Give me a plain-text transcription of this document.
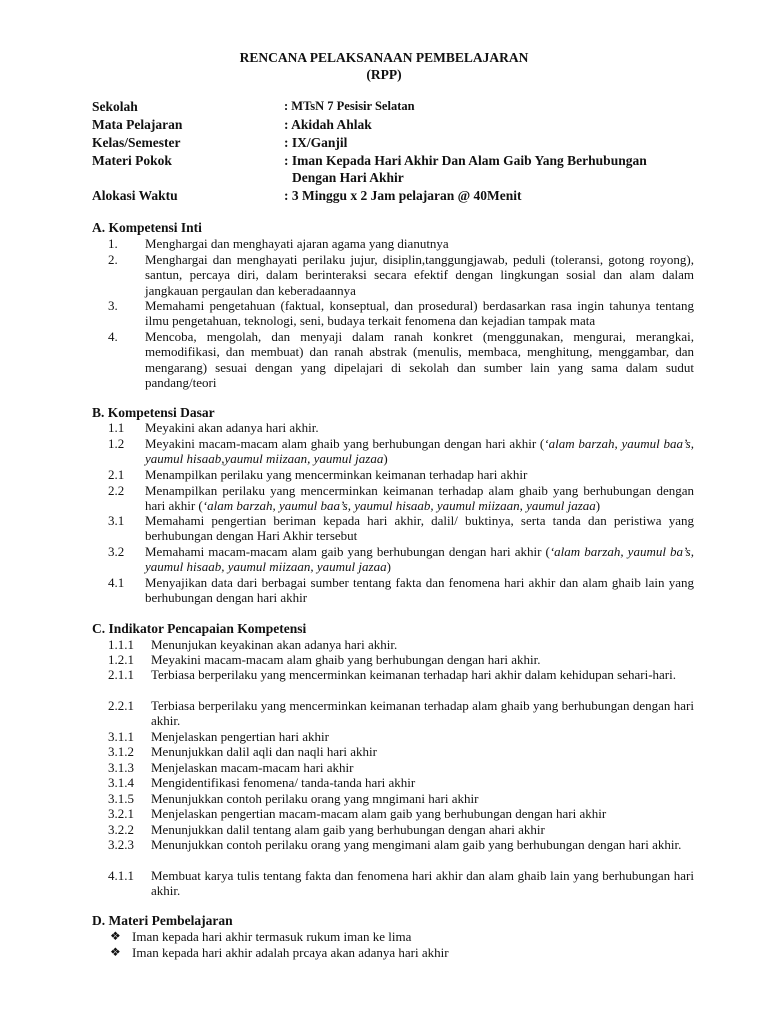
RENCANA PELAKSANAAN PEMBELAJARAN
(RPP)
Sekolah	: MTsN 7 Pesisir Selatan
Mata Pelajaran	: Akidah Ahlak
Kelas/Semester	: IX/Ganjil
Materi Pokok	: Iman Kepada Hari Akhir Dan Alam Gaib Yang Berhubungan
Dengan Hari Akhir
Alokasi Waktu	: 3 Minggu x 2 Jam pelajaran @ 40Menit
A. Kompetensi Inti
1. Menghargai dan menghayati ajaran agama yang dianutnya
2. Menghargai dan menghayati perilaku jujur, disiplin,tanggungjawab, peduli (toleransi, gotong royong), santun, percaya diri, dalam berinteraksi secara efektif dengan lingkungan sosial dan alam dalam jangkauan pergaulan dan keberadaannya
3. Memahami pengetahuan (faktual, konseptual, dan prosedural) berdasarkan rasa ingin tahunya tentang ilmu pengetahuan, teknologi, seni, budaya terkait fenomena dan kejadian tampak mata
4. Mencoba, mengolah, dan menyaji dalam ranah konkret (menggunakan, mengurai, merangkai, memodifikasi, dan membuat) dan ranah abstrak (menulis, membaca, menghitung, menggambar, dan mengarang) sesuai dengan yang dipelajari di sekolah dan sumber lain yang sama dalam sudut pandang/teori
B. Kompetensi Dasar
1.1 Meyakini akan adanya hari akhir.
1.2 Meyakini macam-macam alam ghaib yang berhubungan dengan hari akhir (‘alam barzah, yaumul baa’s, yaumul hisaab,yaumul miizaan, yaumul jazaa)
2.1 Menampilkan perilaku yang mencerminkan keimanan terhadap hari akhir
2.2 Menampilkan perilaku yang mencerminkan keimanan terhadap alam ghaib yang berhubungan dengan hari akhir (‘alam barzah, yaumul baa’s, yaumul hisaab, yaumul miizaan, yaumul jazaa)
3.1 Memahami pengertian beriman kepada hari akhir, dalil/ buktinya, serta tanda dan peristiwa yang berhubungan dengan Hari Akhir tersebut
3.2 Memahami macam-macam alam gaib yang berhubungan dengan hari akhir (‘alam barzah, yaumul ba’s, yaumul hisaab, yaumul miizaan, yaumul jazaa)
4.1 Menyajikan data dari berbagai sumber tentang fakta dan fenomena hari akhir dan alam ghaib lain yang berhubungan dengan hari akhir
C. Indikator Pencapaian Kompetensi
1.1.1 Menunjukan keyakinan akan adanya hari akhir.
1.2.1 Meyakini macam-macam alam ghaib yang berhubungan dengan hari akhir.
2.1.1 Terbiasa berperilaku yang mencerminkan keimanan terhadap hari akhir dalam kehidupan sehari-hari.
2.2.1 Terbiasa berperilaku yang mencerminkan keimanan terhadap alam ghaib yang berhubungan dengan hari akhir.
3.1.1 Menjelaskan pengertian hari akhir
3.1.2 Menunjukkan dalil aqli dan naqli hari akhir
3.1.3 Menjelaskan macam-macam hari akhir
3.1.4 Mengidentifikasi fenomena/ tanda-tanda hari akhir
3.1.5 Menunjukkan contoh perilaku orang yang mngimani hari akhir
3.2.1 Menjelaskan pengertian macam-macam alam gaib yang berhubungan dengan hari akhir
3.2.2 Menunjukkan dalil tentang alam gaib yang berhubungan dengan ahari akhir
3.2.3 Menunjukkan contoh perilaku orang yang mengimani alam gaib yang berhubungan dengan hari akhir.
4.1.1 Membuat karya tulis tentang fakta dan fenomena hari akhir dan alam ghaib lain yang berhubungan hari akhir.
D. Materi Pembelajaran
❖ Iman kepada hari akhir termasuk rukum iman ke lima
❖ Iman kepada hari akhir adalah prcaya akan adanya hari akhir
